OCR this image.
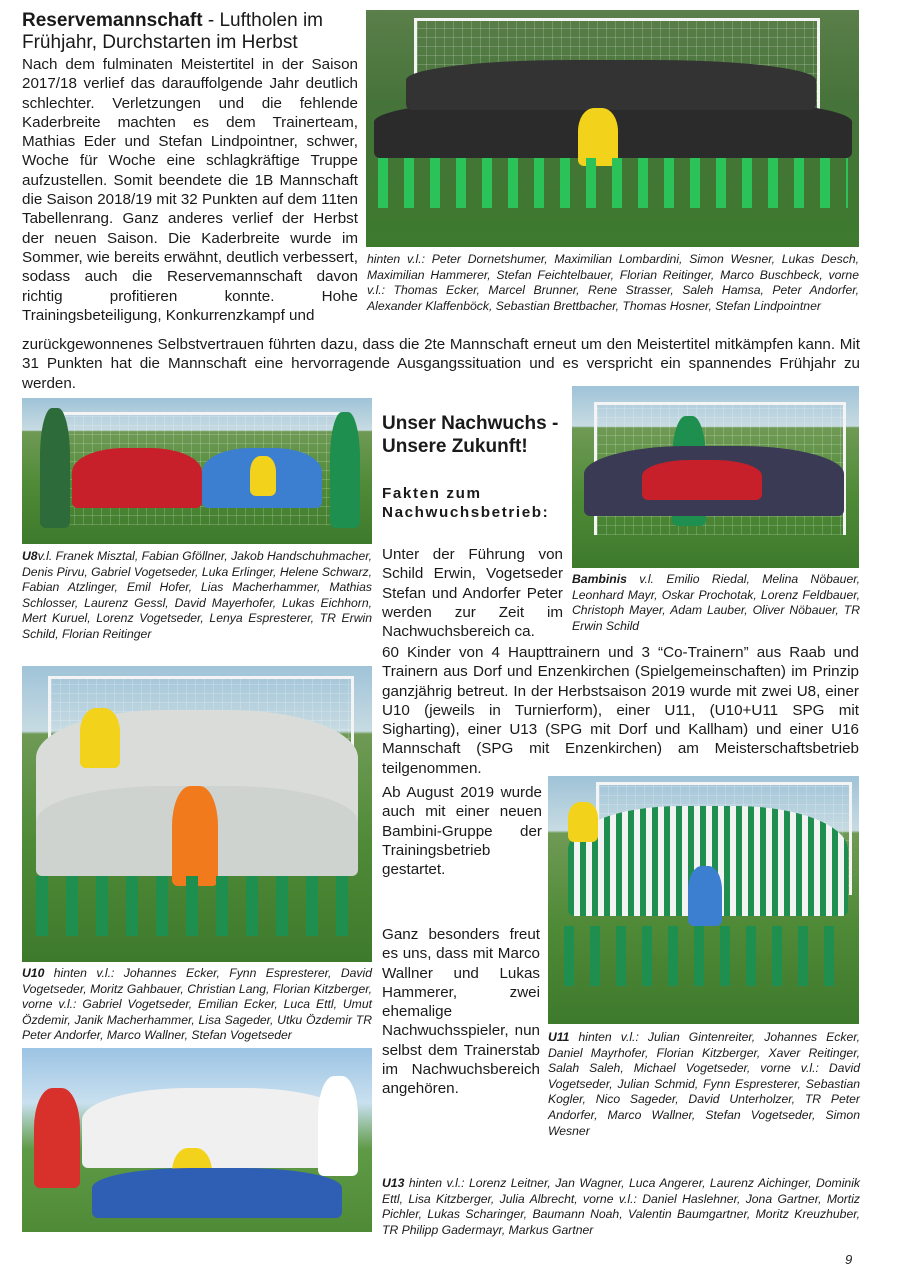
Reservemannschaft - Luftholen im Frühjahr, Durchstarten im Herbst
Nach dem fulminaten Meistertitel in der Saison 2017/18 verlief das darauffolgende Jahr deutlich schlechter. Verletzungen und die fehlende Kaderbreite machten es dem Trainerteam, Mathias Eder und Stefan Lindpointner, schwer, Woche für Woche eine schlagkräftige Truppe aufzustellen. Somit beendete die 1B Mannschaft die Saison 2018/19 mit 32 Punkten auf dem 11ten Tabellenrang. Ganz anderes verlief der Herbst der neuen Saison. Die Kaderbreite wurde im Sommer, wie bereits erwähnt, deutlich verbessert, sodass auch die Reservemannschaft davon richtig profitieren konnte. Hohe Trainingsbeteiligung, Konkurrenzkampf und
hinten v.l.: Peter Dornetshumer, Maximilian Lombardini, Simon Wesner, Lukas Desch, Maximilian Hammerer, Stefan Feichtelbauer, Florian Reitinger, Marco Buschbeck, vorne v.l.: Thomas Ecker, Marcel Brunner, Rene Strasser, Saleh Hamsa, Peter Andorfer, Alexander Klaffenböck, Sebastian Brettbacher, Thomas Hosner, Stefan Lindpointner
zurückgewonnenes Selbstvertrauen führten dazu, dass die 2te Mannschaft erneut um den Meistertitel mitkämpfen kann. Mit 31 Punkten hat die Mannschaft eine hervorragende Ausgangssituation und es verspricht ein spannendes Frühjahr zu werden.
U8v.l. Franek Misztal, Fabian Gföllner, Jakob Handschuhmacher, Denis Pirvu, Gabriel Vogetseder, Luka Erlinger, Helene Schwarz, Fabian Atzlinger, Emil Hofer, Lias Macherhammer, Mathias Schlosser, Laurenz Gessl, David Mayerhofer, Lukas Eichhorn, Mert Kuruel, Lorenz Vogetseder, Lenya Espresterer, TR Erwin Schild, Florian Reitinger
Unser Nachwuchs - Unsere Zukunft!
Fakten zum Nachwuchsbetrieb:
Unter der Führung von Schild Erwin, Vogetseder Stefan und Andorfer Peter werden zur Zeit im Nachwuchsbereich ca.
60 Kinder von 4 Haupttrainern und 3 “Co-Trainern” aus Raab und Trainern aus Dorf und Enzenkirchen (Spielgemeinschaften) im Prinzip ganzjährig betreut. In der Herbstsaison 2019 wurde mit zwei U8, einer U10 (jeweils in Turnierform), einer U11, (U10+U11 SPG mit Sigharting), einer U13 (SPG mit Dorf und Kallham) und einer U16 Mannschaft (SPG mit Enzenkirchen) am Meisterschaftsbetrieb teilgenommen.
Ab August 2019 wurde auch mit einer neuen Bambini-Gruppe der Trainingsbetrieb gestartet.
Ganz besonders freut es uns, dass mit Marco Wallner und Lukas Hammerer, zwei ehemalige Nachwuchsspieler, nun selbst dem Trainerstab im Nachwuchsbereich angehören.
Bambinis v.l. Emilio Riedal, Melina Nöbauer, Leonhard Mayr, Oskar Prochotak, Lorenz Feldbauer, Christoph Mayer, Adam Lauber, Oliver Nöbauer, TR Erwin Schild
U10 hinten v.l.: Johannes Ecker, Fynn Espresterer, David Vogetseder, Moritz Gahbauer, Christian Lang, Florian Kitzberger, vorne v.l.: Gabriel Vogetseder, Emilian Ecker, Luca Ettl, Umut Özdemir, Janik Macherhammer, Lisa Sageder, Utku Özdemir TR Peter Andorfer, Marco Wallner, Stefan Vogetseder	U11 hinten v.l.: Julian Gintenreiter, Johannes Ecker, Daniel Mayrhofer, Florian Kitzberger, Xaver Reitinger, Salah Saleh, Michael Vogetseder, vorne v.l.: David Vogetseder, Julian Schmid, Fynn Espresterer, Sebastian Kogler, Nico Sageder, David Unterholzer, TR Peter Andorfer, Marco Wallner, Stefan Vogetseder, Simon Wesner
U13 hinten v.l.: Lorenz Leitner, Jan Wagner, Luca Angerer, Laurenz Aichinger, Dominik Ettl, Lisa Kitzberger, Julia Albrecht, vorne v.l.: Daniel Haslehner, Jona Gartner, Mortiz Pichler, Lukas Scharinger, Baumann Noah, Valentin Baumgartner, Moritz Kreuzhuber, TR Philipp Gadermayr, Markus Gartner
9
